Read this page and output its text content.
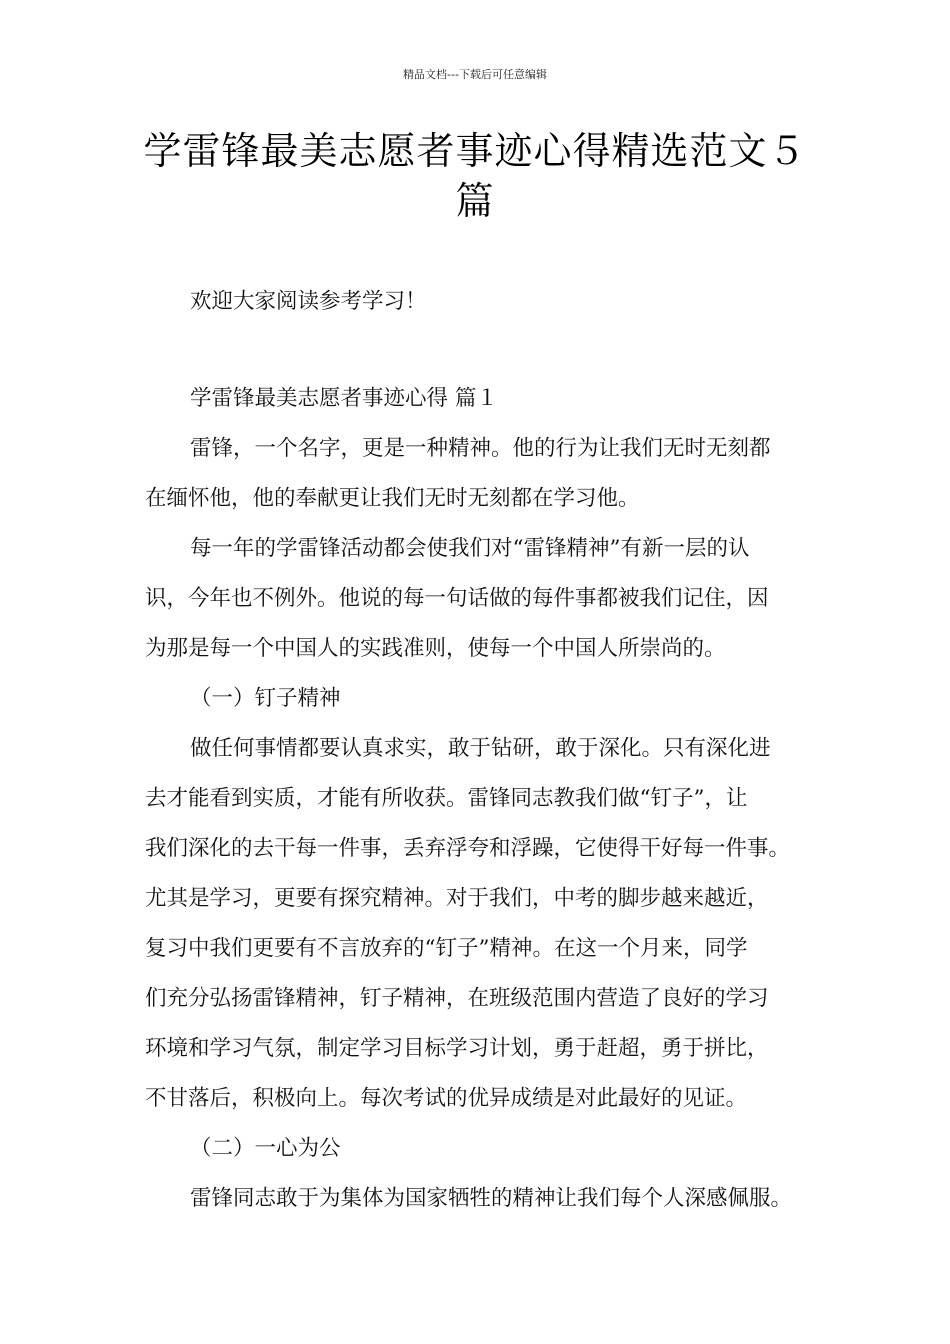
精品文档---下载后可任意编辑
学雷锋最美志愿者事迹心得精选范文５
篇
欢迎大家阅读参考学习！
学雷锋最美志愿者事迹心得 篇１
雷锋，一个名字，更是一种精神。他的行为让我们无时无刻都
在缅怀他，他的奉献更让我们无时无刻都在学习他。
每一年的学雷锋活动都会使我们对“雷锋精神”有新一层的认
识，今年也不例外。他说的每一句话做的每件事都被我们记住，因
为那是每一个中国人的实践准则，使每一个中国人所崇尚的。
（一）钉子精神
做任何事情都要认真求实，敢于钻研，敢于深化。只有深化进
去才能看到实质，才能有所收获。雷锋同志教我们做“钉子”，让
我们深化的去干每一件事，丢弃浮夸和浮躁，它使得干好每一件事。
尤其是学习，更要有探究精神。对于我们，中考的脚步越来越近，
复习中我们更要有不言放弃的“钉子”精神。在这一个月来，同学
们充分弘扬雷锋精神，钉子精神，在班级范围内营造了良好的学习
环境和学习气氛，制定学习目标学习计划，勇于赶超，勇于拼比，
不甘落后，积极向上。每次考试的优异成绩是对此最好的见证。
（二）一心为公
雷锋同志敢于为集体为国家牺牲的精神让我们每个人深感佩服。
